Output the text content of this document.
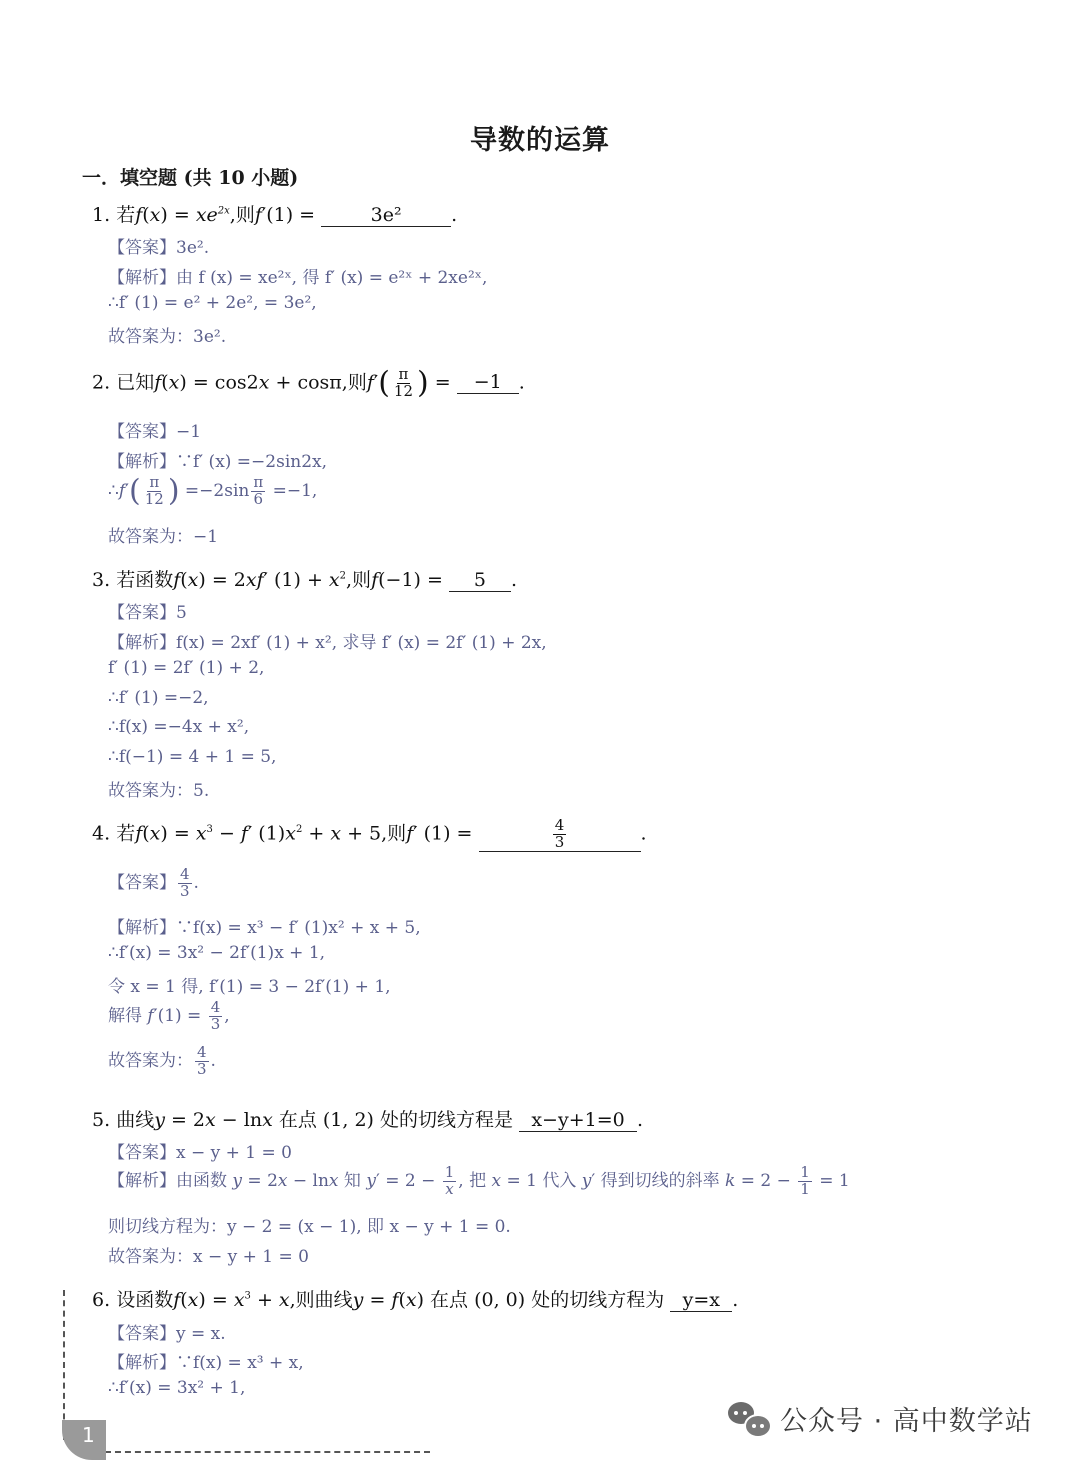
导数的运算
一．填空题 (共 10 小题)
1. 若$f(x) = xe^{2x}$,则f′(1) =	3e²	.
【答案】3e².
【解析】由 f (x) = xe²ˣ, 得 f′ (x) = e²ˣ + 2xe²ˣ,
∴f′ (1) = e² + 2e², = 3e²,
故答案为：3e².
2. 已知f(x) = cos2x + cosπ,则$f'( \frac{\pi}{12}$ ) = −1 .
【答案】−1
【解析】∵f′ (x) =−2sin2x,
∴f′( $\frac{\pi}{12}$ ) $=-2\sin \frac{\pi}{6} =-1$,
故答案为：−1
3. 若函数f(x) = 2xf′ $(1) + x^2$,则f(−1) = 5 .
【答案】5
【解析】f(x) = 2xf′ (1) + x², 求导 f′ (x) = 2f′ (1) + 2x,
f′ (1) = 2f′ (1) + 2,
∴f′ (1) =−2,
∴f(x) =−4x + x²,
∴f(−1) = 4 + 1 = 5,
故答案为：5.
4. 若$f(x) = x^3 - f'$ $(1)x^2 + x + 5$,则f′ (1) =	$\frac{4}{3}$	.
【答案】 $\frac{4}{3}$ .
【解析】∵f(x) = x³ − f′ (1)x² + x + 5,
∴f′(x) = 3x² − 2f′(1)x + 1,
令 x = 1 得, f′(1) = 3 − 2f′(1) + 1,
解得 $f'(1) = \frac{4}{3}$ ,
故答案为： $\frac{4}{3}$ .
5. 曲线y = 2x − lnx 在点 (1, 2) 处的切线方程是 x−y+1=0 .
【答案】x − y + 1 = 0
【解析】由函数 y = 2x − lnx 知 $y' = 2 - \frac{1}{x}$ , 把 x = 1 代入 y′ 得到切线的斜率 $k = 2 - \frac{1}{1} = 1$
则切线方程为：y − 2 = (x − 1), 即 x − y + 1 = 0.
故答案为：x − y + 1 = 0
6. 设函数$f(x) = x^3 + x$,则曲线y = f(x) 在点 (0, 0) 处的切线方程为 y=x .
【答案】y = x.
【解析】∵f(x) = x³ + x,
∴f′(x) = 3x² + 1,
1	公众号 · 高中数学站
